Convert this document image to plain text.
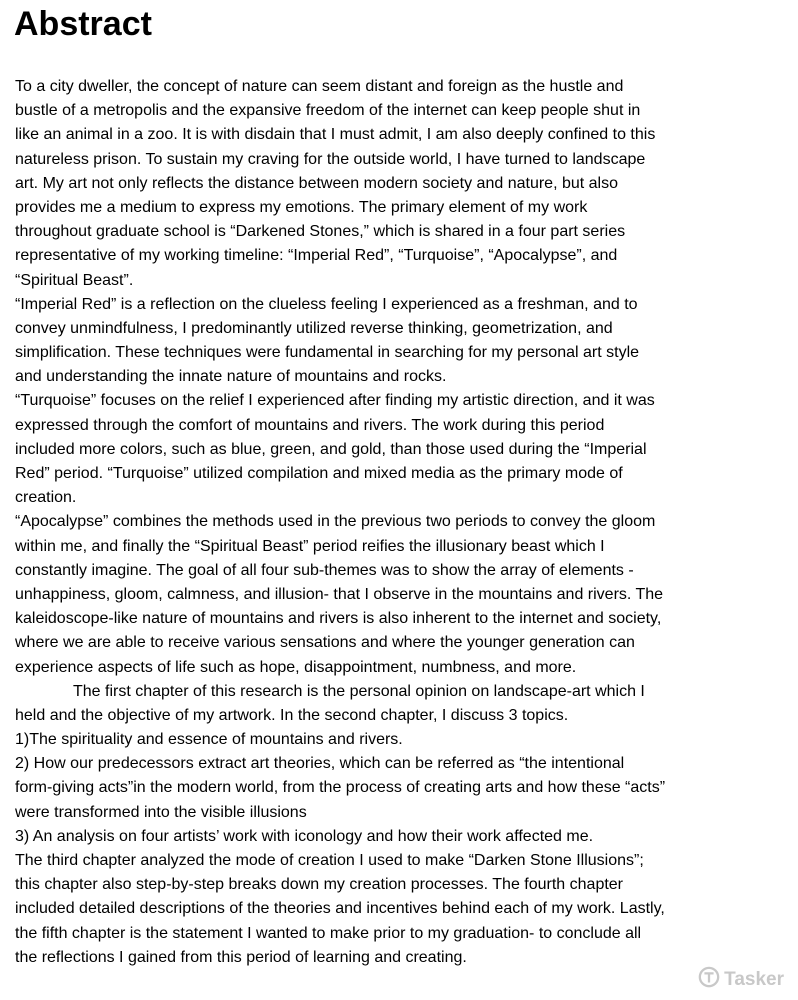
Abstract
To a city dweller, the concept of nature can seem distant and foreign as the hustle and
bustle of a metropolis and the expansive freedom of the internet can keep people shut in
like an animal in a zoo. It is with disdain that I must admit, I am also deeply confined to this
natureless prison. To sustain my craving for the outside world, I have turned to landscape
art. My art not only reflects the distance between modern society and nature, but also
provides me a medium to express my emotions. The primary element of my work
throughout graduate school is “Darkened Stones,” which is shared in a four part series
representative of my working timeline: “Imperial Red”, “Turquoise”, “Apocalypse”, and
“Spiritual Beast”.
“Imperial Red” is a reflection on the clueless feeling I experienced as a freshman, and to
convey unmindfulness, I predominantly utilized reverse thinking, geometrization, and
simplification. These techniques were fundamental in searching for my personal art style
and understanding the innate nature of mountains and rocks.
“Turquoise” focuses on the relief I experienced after finding my artistic direction, and it was
expressed through the comfort of mountains and rivers. The work during this period
included more colors, such as blue, green, and gold, than those used during the “Imperial
Red” period. “Turquoise” utilized compilation and mixed media as the primary mode of
creation.
“Apocalypse” combines the methods used in the previous two periods to convey the gloom
within me, and finally the “Spiritual Beast” period reifies the illusionary beast which I
constantly imagine. The goal of all four sub-themes was to show the array of elements -
unhappiness, gloom, calmness, and illusion- that I observe in the mountains and rivers. The
kaleidoscope-like nature of mountains and rivers is also inherent to the internet and society,
where we are able to receive various sensations and where the younger generation can
experience aspects of life such as hope, disappointment, numbness, and more.
The first chapter of this research is the personal opinion on landscape-art which I
held and the objective of my artwork. In the second chapter, I discuss 3 topics.
1)The spirituality and essence of mountains and rivers.
2) How our predecessors extract art theories, which can be referred as “the intentional
form-giving acts”in the modern world, from the process of creating arts and how these “acts”
were transformed into the visible illusions
3) An analysis on four artists’ work with iconology and how their work affected me.
The third chapter analyzed the mode of creation I used to make “Darken Stone Illusions”;
this chapter also step-by-step breaks down my creation processes. The fourth chapter
included detailed descriptions of the theories and incentives behind each of my work. Lastly,
the fifth chapter is the statement I wanted to make prior to my graduation- to conclude all
the reflections I gained from this period of learning and creating.
Tasker
